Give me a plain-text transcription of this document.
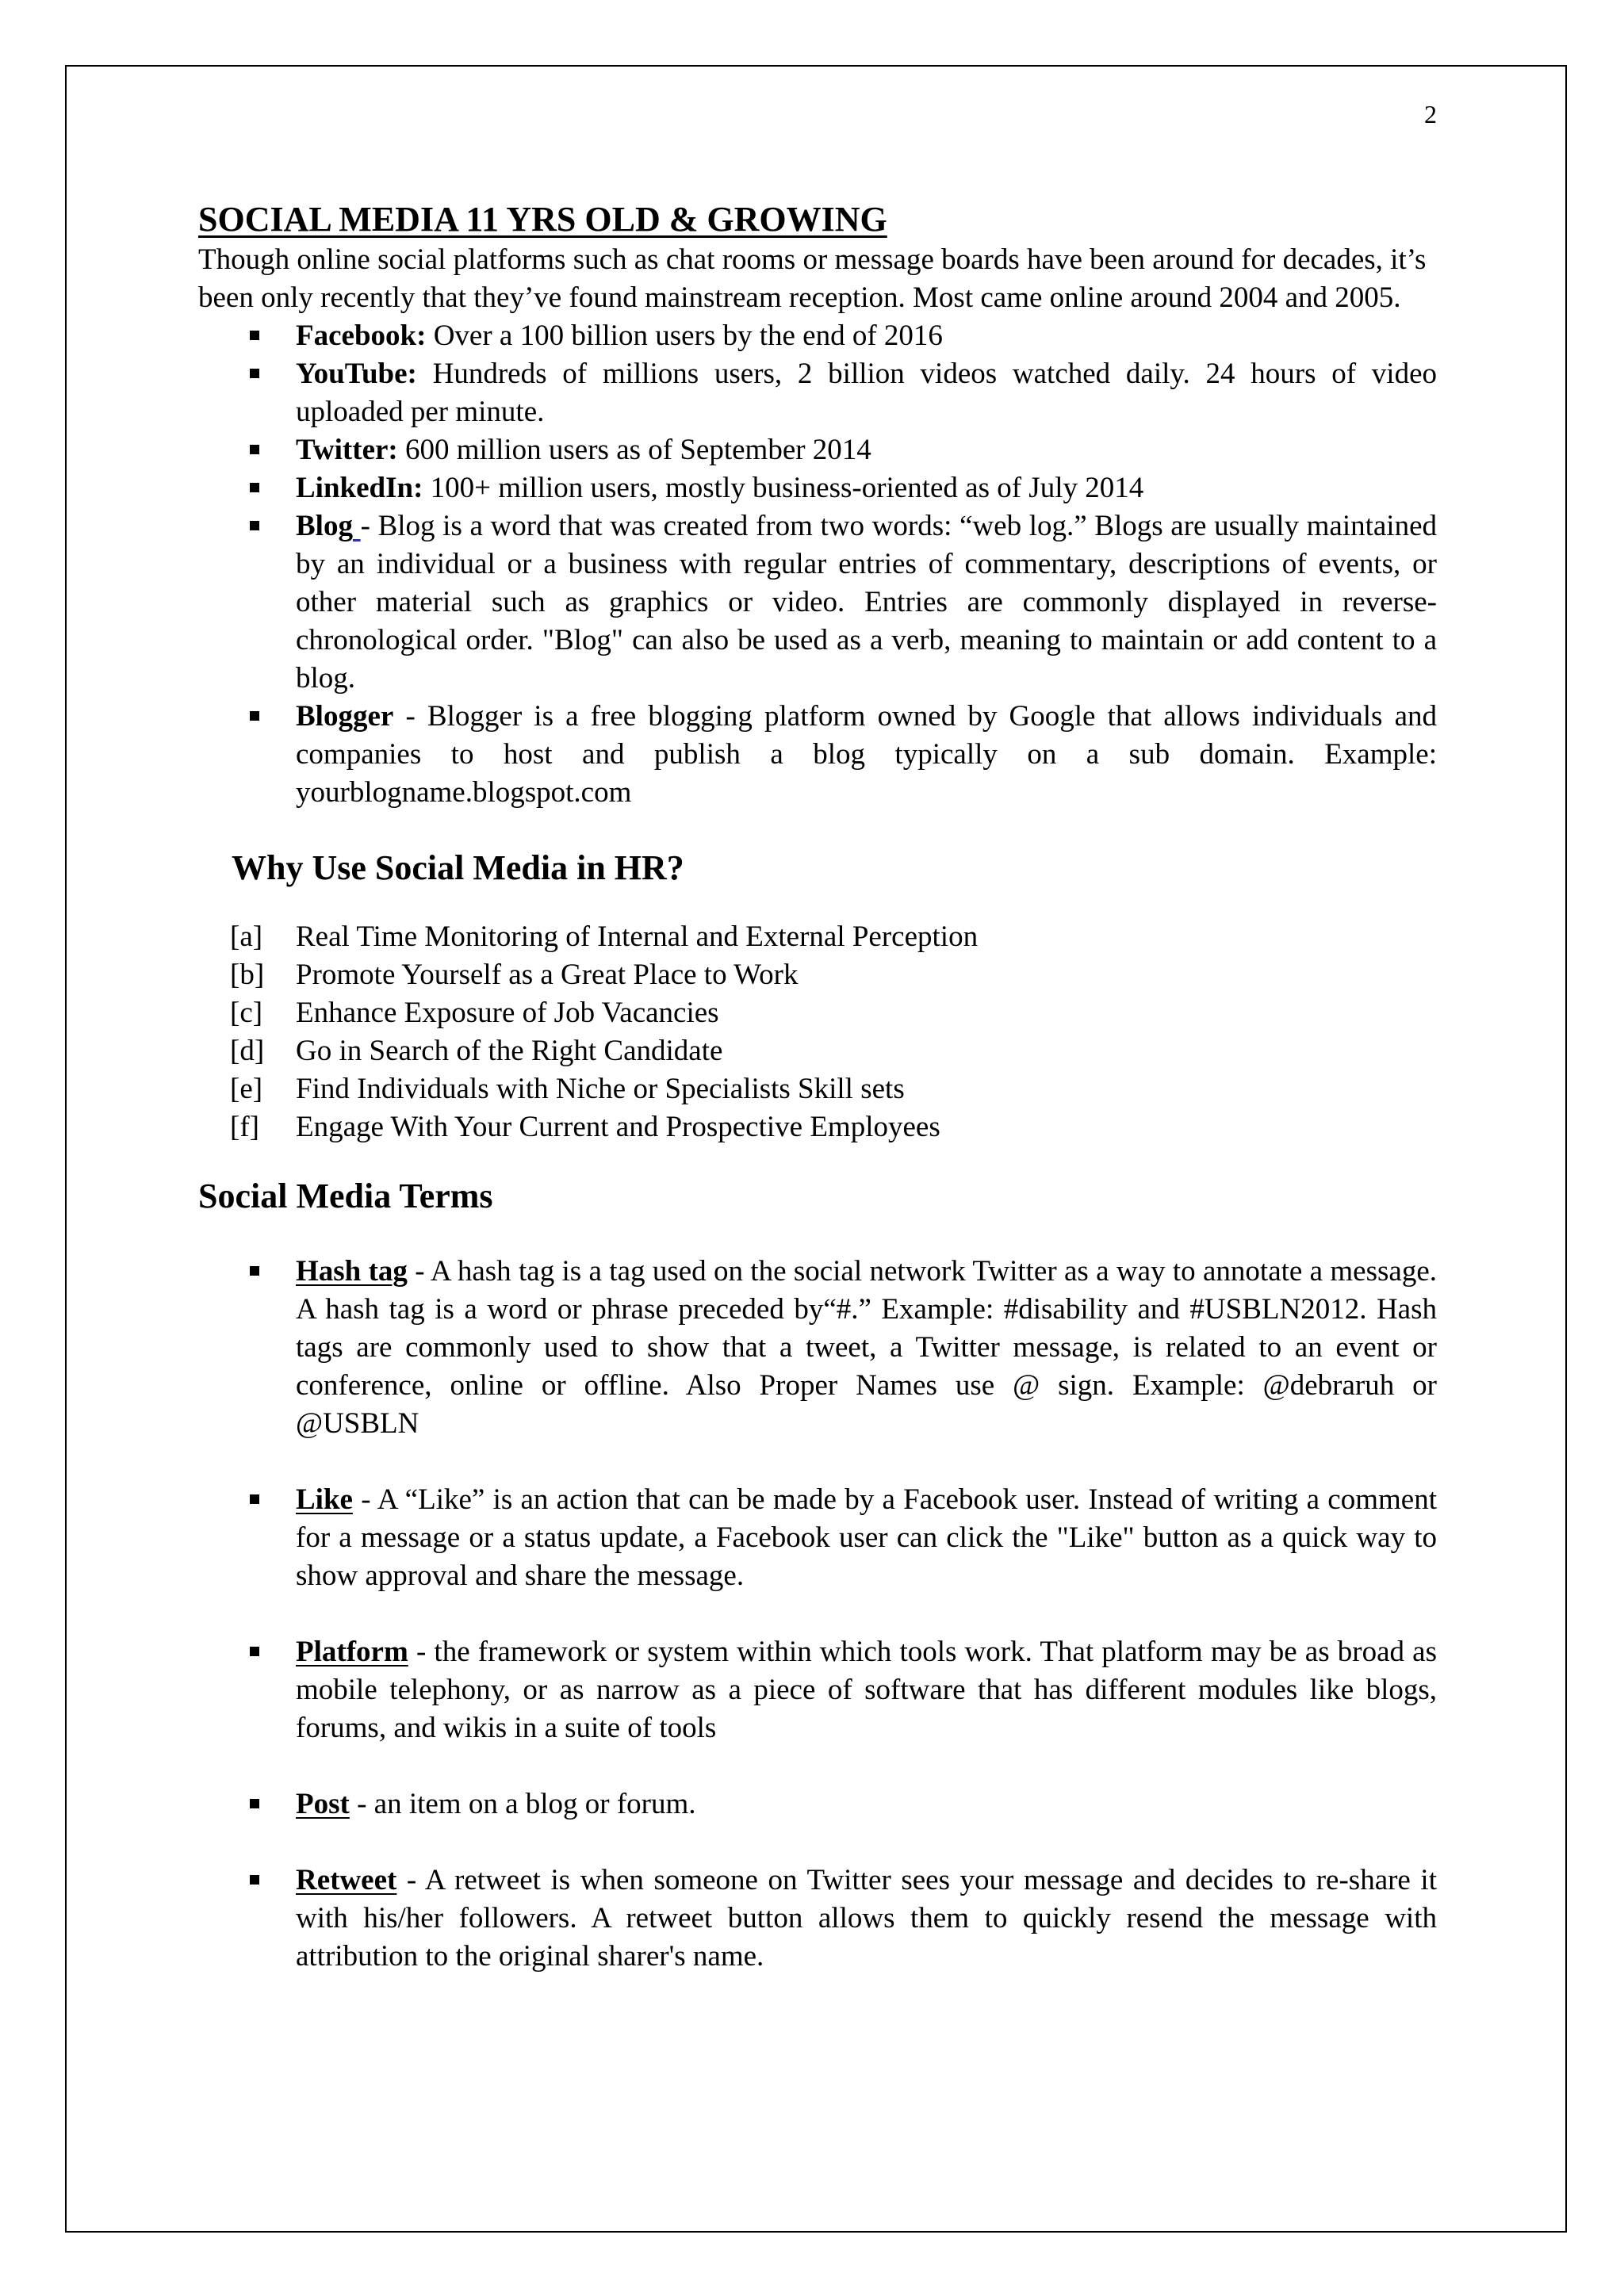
2
SOCIAL MEDIA 11 YRS OLD & GROWING

Though online social platforms such as chat rooms or message boards have been around for decades, it’s been only recently that they’ve found mainstream reception. Most came online around 2004 and 2005.

Facebook: Over a 100 billion users by the end of 2016
YouTube: Hundreds of millions users, 2 billion videos watched daily. 24 hours of video uploaded per minute.
Twitter: 600 million users as of September 2014
LinkedIn: 100+ million users, mostly business-oriented as of July 2014
Blog - Blog is a word that was created from two words: “web log.” Blogs are usually maintained by an individual or a business with regular entries of commentary, descriptions of events, or other material such as graphics or video. Entries are commonly displayed in reverse-chronological order. "Blog" can also be used as a verb, meaning to maintain or add content to a blog.
Blogger - Blogger is a free blogging platform owned by Google that allows individuals and companies to host and publish a blog typically on a sub domain. Example: yourblogname.blogspot.com
Why Use Social Media in HR?
[a] Real Time Monitoring of Internal and External Perception
[b] Promote Yourself as a Great Place to Work
[c] Enhance Exposure of Job Vacancies
[d] Go in Search of the Right Candidate
[e] Find Individuals with Niche or Specialists Skill sets
[f] Engage With Your Current and Prospective Employees
Social Media Terms
Hash tag - A hash tag is a tag used on the social network Twitter as a way to annotate a message. A hash tag is a word or phrase preceded by“#.” Example: #disability and #USBLN2012. Hash tags are commonly used to show that a tweet, a Twitter message, is related to an event or conference, online or offline. Also Proper Names use @ sign. Example: @debraruh or @USBLN
Like - A “Like” is an action that can be made by a Facebook user. Instead of writing a comment for a message or a status update, a Facebook user can click the "Like" button as a quick way to show approval and share the message.
Platform - the framework or system within which tools work. That platform may be as broad as mobile telephony, or as narrow as a piece of software that has different modules like blogs, forums, and wikis in a suite of tools
Post - an item on a blog or forum.
Retweet - A retweet is when someone on Twitter sees your message and decides to re-share it with his/her followers. A retweet button allows them to quickly resend the message with attribution to the original sharer's name.
